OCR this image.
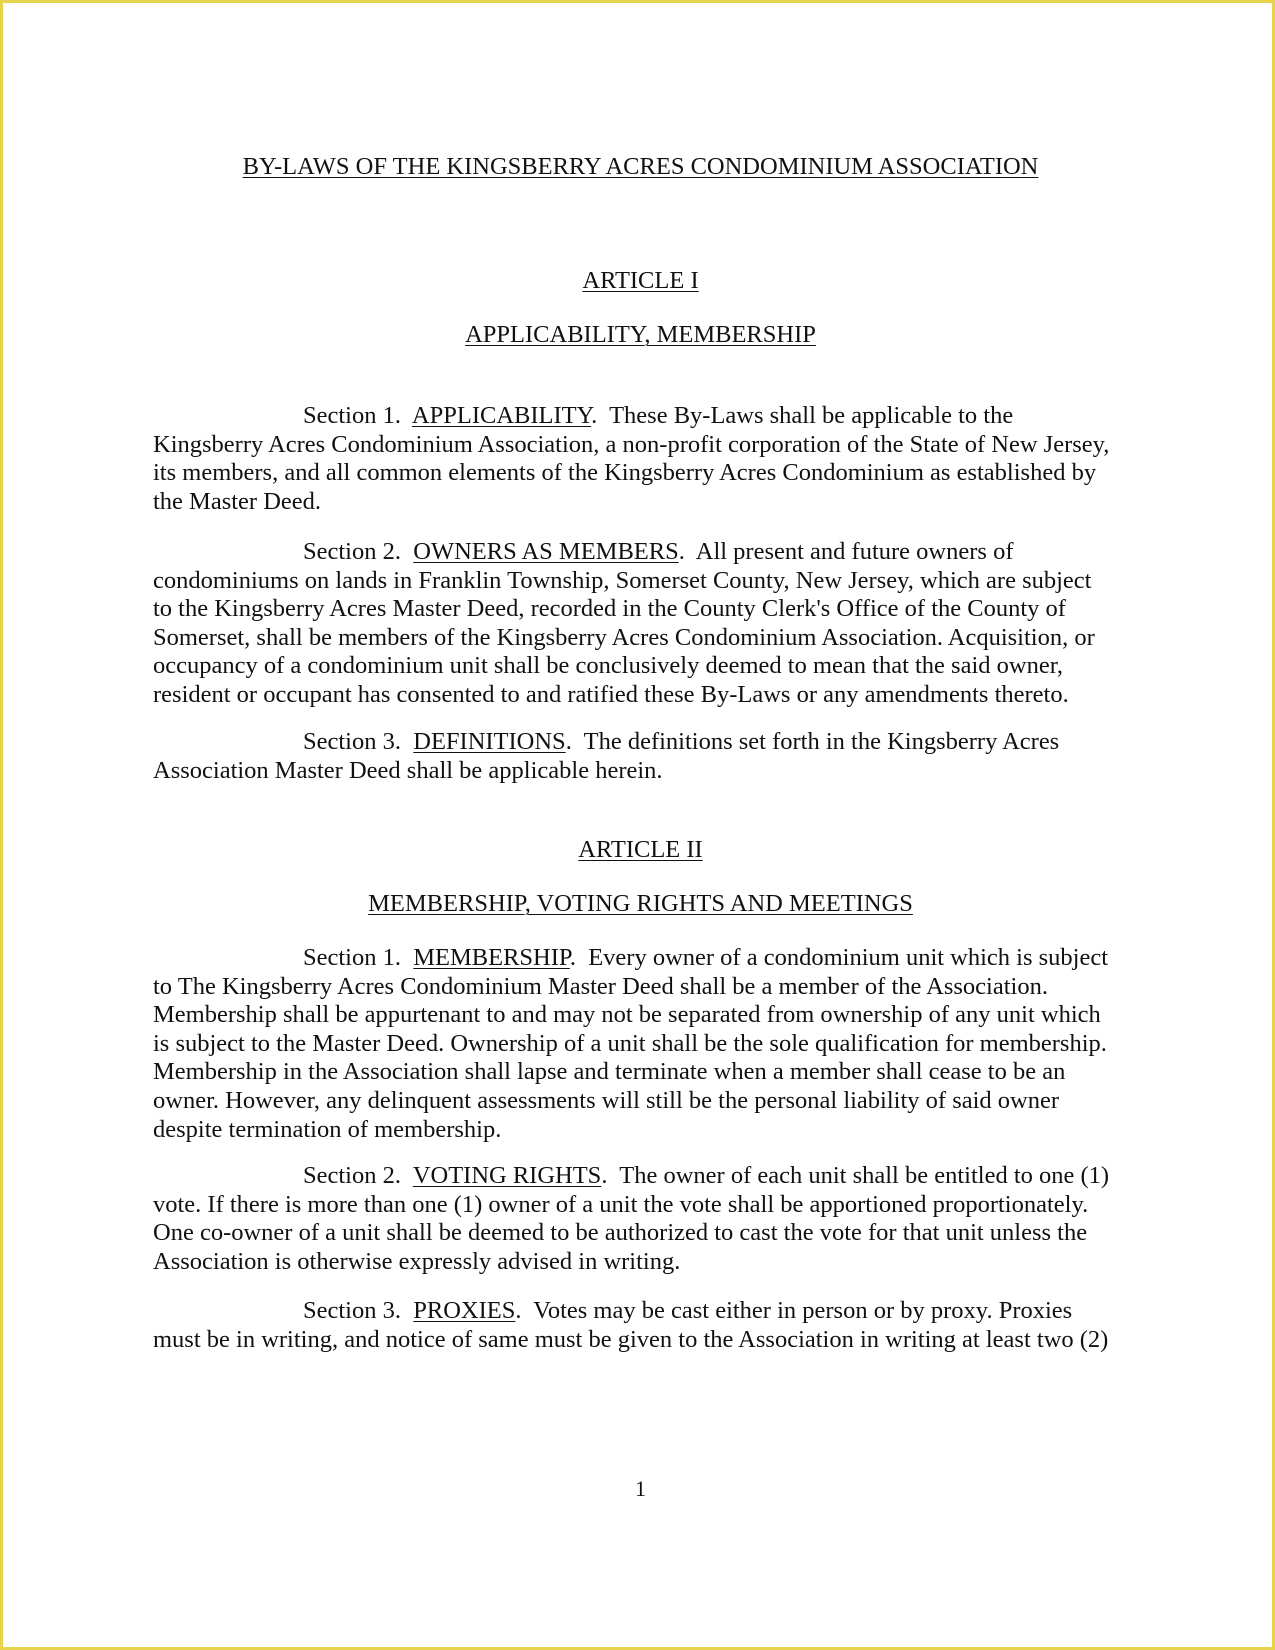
BY-LAWS OF THE KINGSBERRY ACRES CONDOMINIUM ASSOCIATION
ARTICLE I
APPLICABILITY, MEMBERSHIP
Section 1. APPLICABILITY.  These By-Laws shall be applicable to the
Kingsberry Acres Condominium Association, a non-profit corporation of the State of New Jersey,
its members, and all common elements of the Kingsberry Acres Condominium as established by
the Master Deed.
Section 2. OWNERS AS MEMBERS.  All present and future owners of
condominiums on lands in Franklin Township, Somerset County, New Jersey, which are subject
to the Kingsberry Acres Master Deed, recorded in the County Clerk's Office of the County of
Somerset, shall be members of the Kingsberry Acres Condominium Association. Acquisition, or
occupancy of a condominium unit shall be conclusively deemed to mean that the said owner,
resident or occupant has consented to and ratified these By-Laws or any amendments thereto.
Section 3. DEFINITIONS.  The definitions set forth in the Kingsberry Acres
Association Master Deed shall be applicable herein.
ARTICLE II
MEMBERSHIP, VOTING RIGHTS AND MEETINGS
Section 1. MEMBERSHIP.  Every owner of a condominium unit which is subject
to The Kingsberry Acres Condominium Master Deed shall be a member of the Association.
Membership shall be appurtenant to and may not be separated from ownership of any unit which
is subject to the Master Deed. Ownership of a unit shall be the sole qualification for membership.
Membership in the Association shall lapse and terminate when a member shall cease to be an
owner. However, any delinquent assessments will still be the personal liability of said owner
despite termination of membership.
Section 2. VOTING RIGHTS.  The owner of each unit shall be entitled to one (1)
vote. If there is more than one (1) owner of a unit the vote shall be apportioned proportionately.
One co-owner of a unit shall be deemed to be authorized to cast the vote for that unit unless the
Association is otherwise expressly advised in writing.
Section 3. PROXIES.  Votes may be cast either in person or by proxy. Proxies
must be in writing, and notice of same must be given to the Association in writing at least two (2)
1
